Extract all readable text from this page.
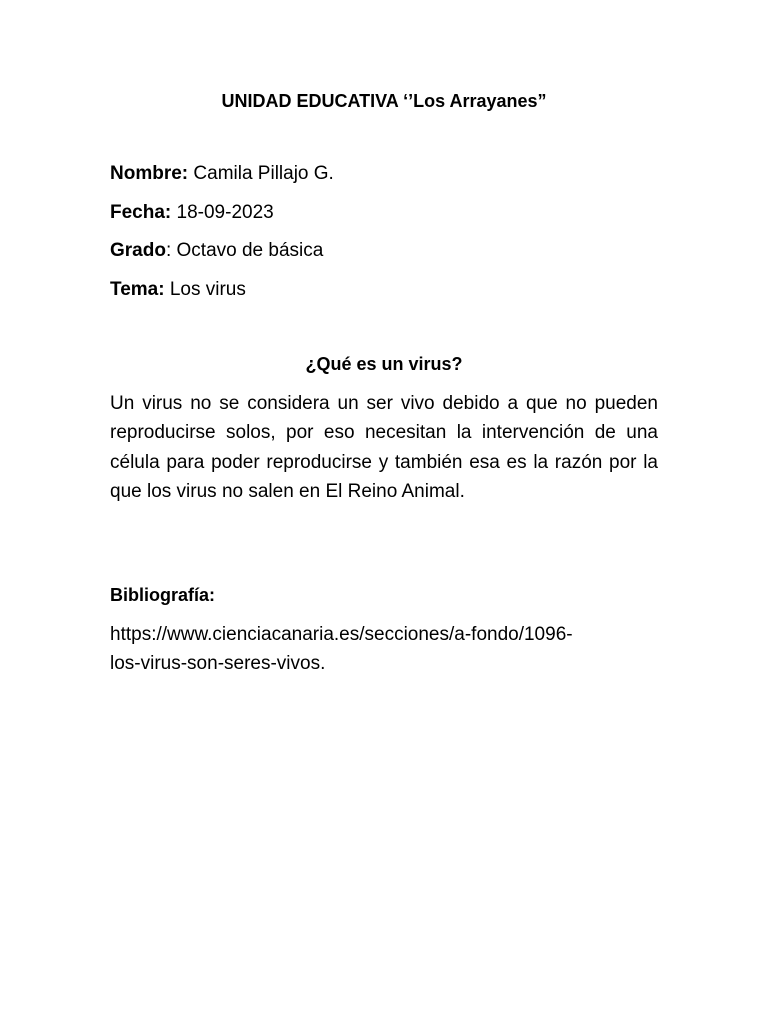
UNIDAD EDUCATIVA ‘’Los Arrayanes”
Nombre: Camila Pillajo G.
Fecha: 18-09-2023
Grado: Octavo de básica
Tema: Los virus
¿Qué es un virus?
Un virus no se considera un ser vivo debido a que no pueden reproducirse solos, por eso necesitan la intervención de una célula para poder reproducirse y también esa es la razón por la que los virus no salen en El Reino Animal.
Bibliografía:
https://www.cienciacanaria.es/secciones/a-fondo/1096-
los-virus-son-seres-vivos.
